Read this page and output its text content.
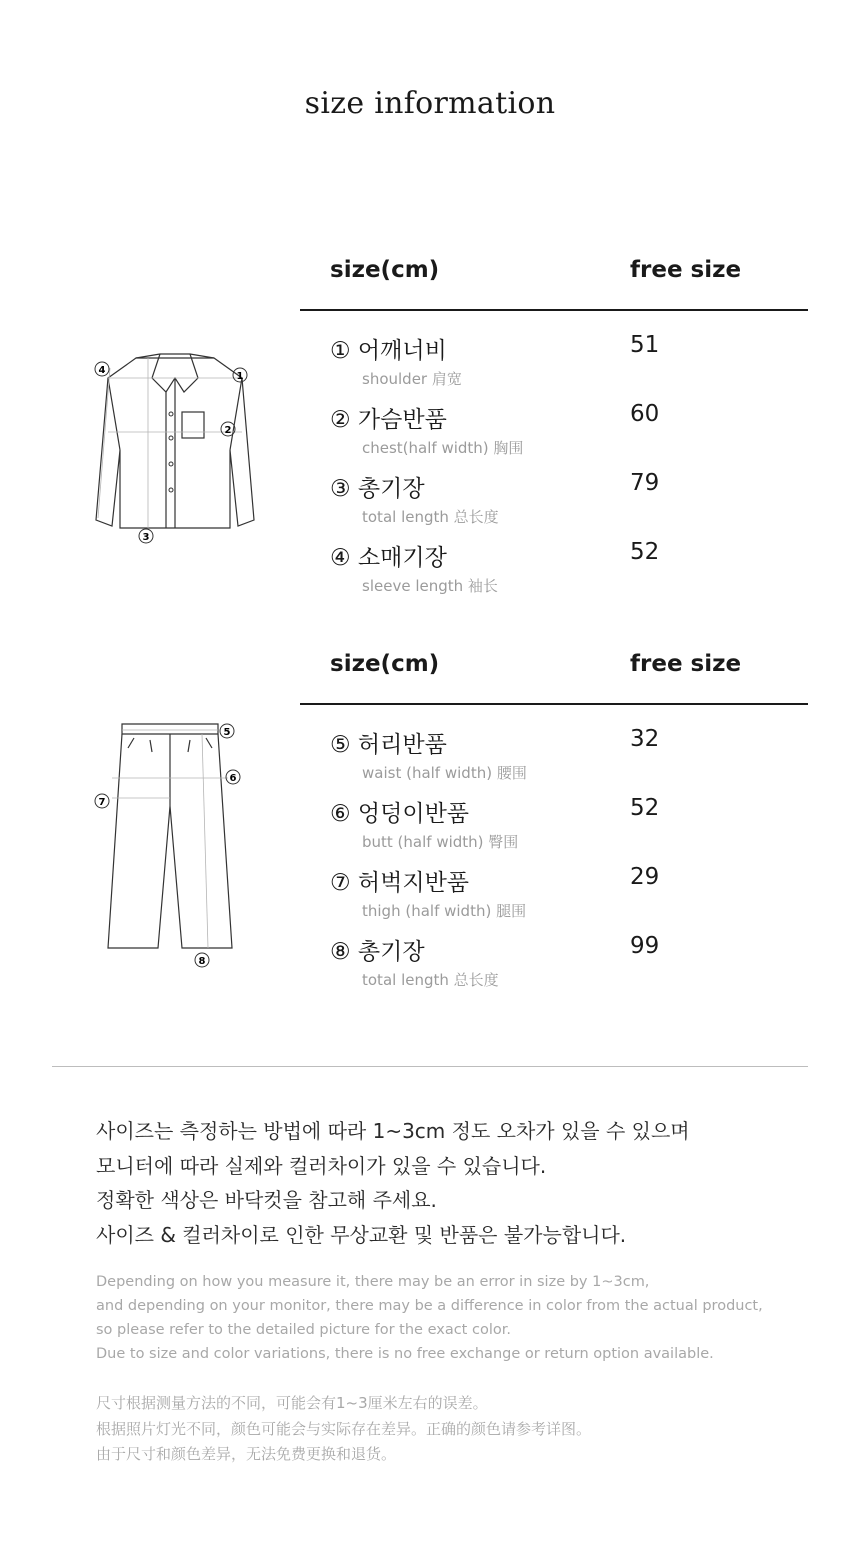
size information
4
1
2
3
5
6
7
8
size(cm)	free size
① 어깨너비
shoulder 肩宽
51
② 가슴반품
chest(half width) 胸围
60
③ 총기장
total length 总长度
79
④ 소매기장
sleeve length 袖长
52
size(cm)	free size
⑤ 허리반품
waist (half width) 腰围
32
⑥ 엉덩이반품
butt (half width) 臀围
52
⑦ 허벅지반품
thigh (half width) 腿围
29
⑧ 총기장
total length 总长度
99
사이즈는 측정하는 방법에 따라 1~3cm 정도 오차가 있을 수 있으며
모니터에 따라 실제와 컬러차이가 있을 수 있습니다.
정확한 색상은 바닥컷을 참고해 주세요.
사이즈 & 컬러차이로 인한 무상교환 및 반품은 불가능합니다.
Depending on how you measure it, there may be an error in size by 1~3cm,
and depending on your monitor, there may be a difference in color from the actual product,
so please refer to the detailed picture for the exact color.
Due to size and color variations, there is no free exchange or return option available.
尺寸根据测量方法的不同，可能会有1~3厘米左右的误差。
根据照片灯光不同，颜色可能会与实际存在差异。正确的颜色请参考详图。
由于尺寸和颜色差异，无法免费更换和退货。
